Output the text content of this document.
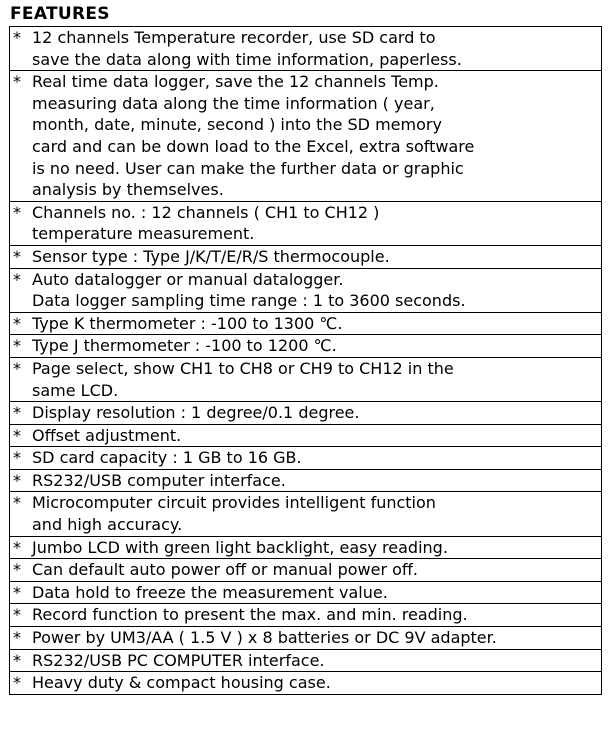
FEATURES
* 12 channels Temperature recorder, use SD card to
save the data along with time information, paperless.
* Real time data logger, save the 12 channels Temp.
measuring data along the time information ( year,
month, date, minute, second ) into the SD memory
card and can be down load to the Excel, extra software
is no need. User can make the further data or graphic
analysis by themselves.
* Channels no. : 12 channels ( CH1 to CH12 )
temperature measurement.
* Sensor type : Type J/K/T/E/R/S thermocouple.
* Auto datalogger or manual datalogger.
Data logger sampling time range : 1 to 3600 seconds.
* Type K thermometer : -100 to 1300 ℃.
* Type J thermometer : -100 to 1200 ℃.
* Page select, show CH1 to CH8 or CH9 to CH12 in the
same LCD.
* Display resolution : 1 degree/0.1 degree.
* Offset adjustment.
* SD card capacity : 1 GB to 16 GB.
* RS232/USB computer interface.
* Microcomputer circuit provides intelligent function
and high accuracy.
* Jumbo LCD with green light backlight, easy reading.
* Can default auto power off or manual power off.
* Data hold to freeze the measurement value.
* Record function to present the max. and min. reading.
* Power by UM3/AA ( 1.5 V ) x 8 batteries or DC 9V adapter.
* RS232/USB PC COMPUTER interface.
* Heavy duty & compact housing case.
